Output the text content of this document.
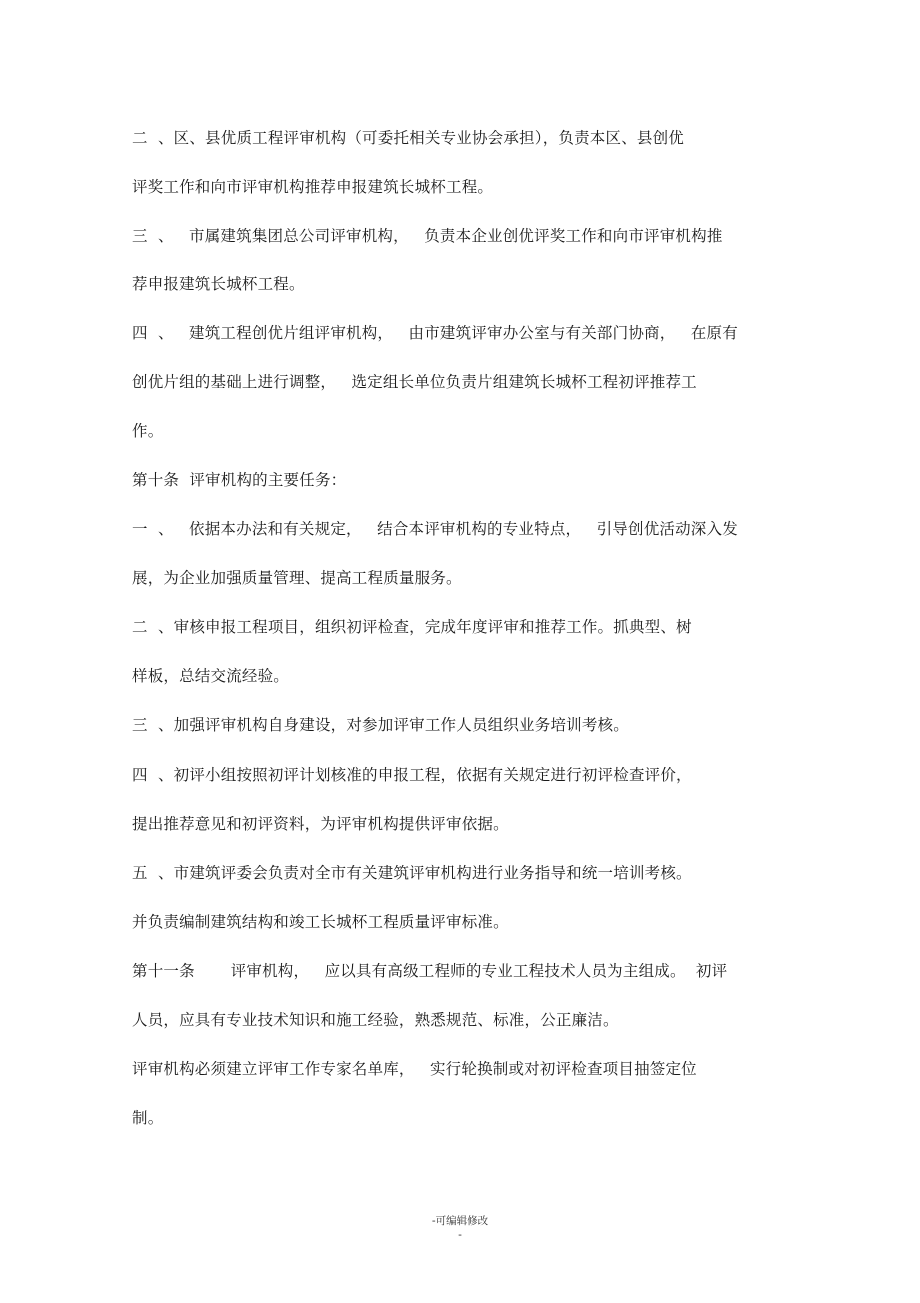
二  、区、县优质工程评审机构（可委托相关专业协会承担），负责本区、县创优
评奖工作和向市评审机构推荐申报建筑长城杯工程。
三  、   市属建筑集团总公司评审机构，   负责本企业创优评奖工作和向市评审机构推
荐申报建筑长城杯工程。
四  、   建筑工程创优片组评审机构，   由市建筑评审办公室与有关部门协商，   在原有
创优片组的基础上进行调整，   选定组长单位负责片组建筑长城杯工程初评推荐工
作。
第十条  评审机构的主要任务：
一  、   依据本办法和有关规定，   结合本评审机构的专业特点，   引导创优活动深入发
展，为企业加强质量管理、提高工程质量服务。
二  、审核申报工程项目，组织初评检查，完成年度评审和推荐工作。抓典型、树
样板，总结交流经验。
三  、加强评审机构自身建设，对参加评审工作人员组织业务培训考核。
四  、初评小组按照初评计划核准的申报工程，依据有关规定进行初评检查评价，
提出推荐意见和初评资料，为评审机构提供评审依据。
五  、市建筑评委会负责对全市有关建筑评审机构进行业务指导和统一培训考核。
并负责编制建筑结构和竣工长城杯工程质量评审标准。
第十一条       评审机构，   应以具有高级工程师的专业工程技术人员为主组成。  初评
人员，应具有专业技术知识和施工经验，熟悉规范、标准，公正廉洁。
评审机构必须建立评审工作专家名单库，   实行轮换制或对初评检查项目抽签定位
制。
-可编辑修改
-
